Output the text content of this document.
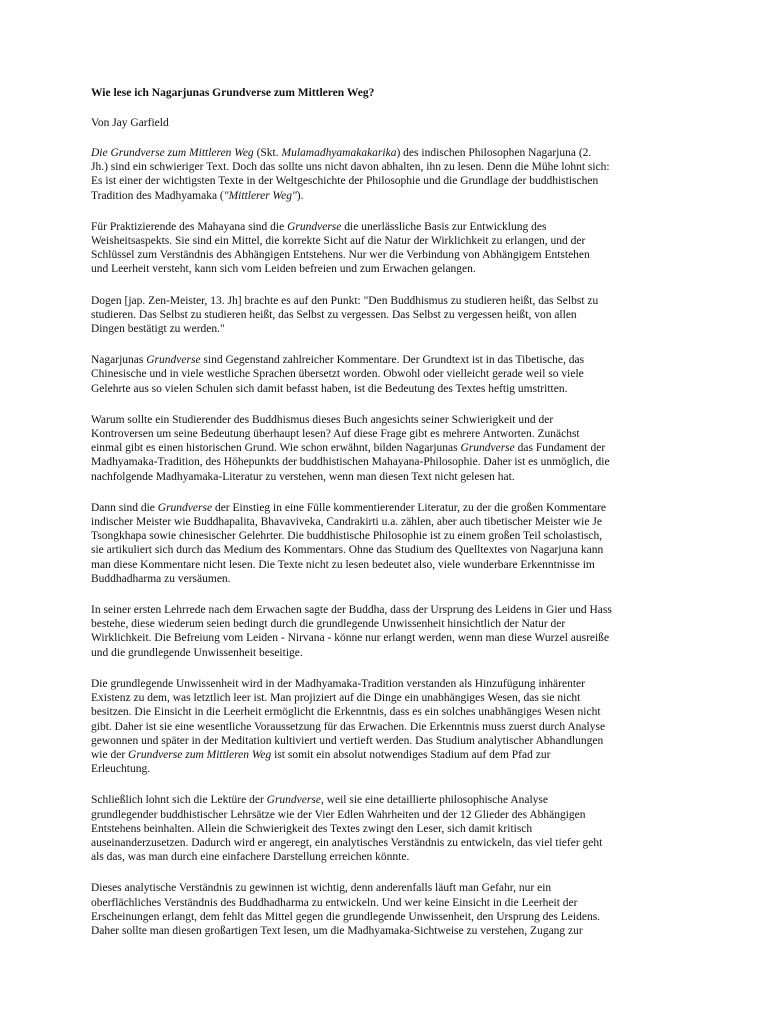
Wie lese ich Nagarjunas Grundverse zum Mittleren Weg?
Von Jay Garfield
Die Grundverse zum Mittleren Weg (Skt. Mulamadhyamakakarika) des indischen Philosophen Nagarjuna (2.
Jh.) sind ein schwieriger Text. Doch das sollte uns nicht davon abhalten, ihn zu lesen. Denn die Mühe lohnt sich:
Es ist einer der wichtigsten Texte in der Weltgeschichte der Philosophie und die Grundlage der buddhistischen
Tradition des Madhyamaka ("Mittlerer Weg").
Für Praktizierende des Mahayana sind die Grundverse die unerlässliche Basis zur Entwicklung des
Weisheitsaspekts. Sie sind ein Mittel, die korrekte Sicht auf die Natur der Wirklichkeit zu erlangen, und der
Schlüssel zum Verständnis des Abhängigen Entstehens. Nur wer die Verbindung von Abhängigem Entstehen
und Leerheit versteht, kann sich vom Leiden befreien und zum Erwachen gelangen.
Dogen [jap. Zen-Meister, 13. Jh] brachte es auf den Punkt: "Den Buddhismus zu studieren heißt, das Selbst zu
studieren. Das Selbst zu studieren heißt, das Selbst zu vergessen. Das Selbst zu vergessen heißt, von allen
Dingen bestätigt zu werden."
Nagarjunas Grundverse sind Gegenstand zahlreicher Kommentare. Der Grundtext ist in das Tibetische, das
Chinesische und in viele westliche Sprachen übersetzt worden. Obwohl oder vielleicht gerade weil so viele
Gelehrte aus so vielen Schulen sich damit befasst haben, ist die Bedeutung des Textes heftig umstritten.
Warum sollte ein Studierender des Buddhismus dieses Buch angesichts seiner Schwierigkeit und der
Kontroversen um seine Bedeutung überhaupt lesen? Auf diese Frage gibt es mehrere Antworten. Zunächst
einmal gibt es einen historischen Grund. Wie schon erwähnt, bilden Nagarjunas Grundverse das Fundament der
Madhyamaka-Tradition, des Höhepunkts der buddhistischen Mahayana-Philosophie. Daher ist es unmöglich, die
nachfolgende Madhyamaka-Literatur zu verstehen, wenn man diesen Text nicht gelesen hat.
Dann sind die Grundverse der Einstieg in eine Fülle kommentierender Literatur, zu der die großen Kommentare
indischer Meister wie Buddhapalita, Bhavaviveka, Candrakirti u.a. zählen, aber auch tibetischer Meister wie Je
Tsongkhapa sowie chinesischer Gelehrter. Die buddhistische Philosophie ist zu einem großen Teil scholastisch,
sie artikuliert sich durch das Medium des Kommentars. Ohne das Studium des Quelltextes von Nagarjuna kann
man diese Kommentare nicht lesen. Die Texte nicht zu lesen bedeutet also, viele wunderbare Erkenntnisse im
Buddhadharma zu versäumen.
In seiner ersten Lehrrede nach dem Erwachen sagte der Buddha, dass der Ursprung des Leidens in Gier und Hass
bestehe, diese wiederum seien bedingt durch die grundlegende Unwissenheit hinsichtlich der Natur der
Wirklichkeit. Die Befreiung vom Leiden - Nirvana - könne nur erlangt werden, wenn man diese Wurzel ausreiße
und die grundlegende Unwissenheit beseitige.
Die grundlegende Unwissenheit wird in der Madhyamaka-Tradition verstanden als Hinzufügung inhärenter
Existenz zu dem, was letztlich leer ist. Man projiziert auf die Dinge ein unabhängiges Wesen, das sie nicht
besitzen. Die Einsicht in die Leerheit ermöglicht die Erkenntnis, dass es ein solches unabhängiges Wesen nicht
gibt. Daher ist sie eine wesentliche Voraussetzung für das Erwachen. Die Erkenntnis muss zuerst durch Analyse
gewonnen und später in der Meditation kultiviert und vertieft werden. Das Studium analytischer Abhandlungen
wie der Grundverse zum Mittleren Weg ist somit ein absolut notwendiges Stadium auf dem Pfad zur
Erleuchtung.
Schließlich lohnt sich die Lektüre der Grundverse, weil sie eine detaillierte philosophische Analyse
grundlegender buddhistischer Lehrsätze wie der Vier Edlen Wahrheiten und der 12 Glieder des Abhängigen
Entstehens beinhalten. Allein die Schwierigkeit des Textes zwingt den Leser, sich damit kritisch
auseinanderzusetzen. Dadurch wird er angeregt, ein analytisches Verständnis zu entwickeln, das viel tiefer geht
als das, was man durch eine einfachere Darstellung erreichen könnte.
Dieses analytische Verständnis zu gewinnen ist wichtig, denn anderenfalls läuft man Gefahr, nur ein
oberflächliches Verständnis des Buddhadharma zu entwickeln. Und wer keine Einsicht in die Leerheit der
Erscheinungen erlangt, dem fehlt das Mittel gegen die grundlegende Unwissenheit, den Ursprung des Leidens.
Daher sollte man diesen großartigen Text lesen, um die Madhyamaka-Sichtweise zu verstehen, Zugang zur
